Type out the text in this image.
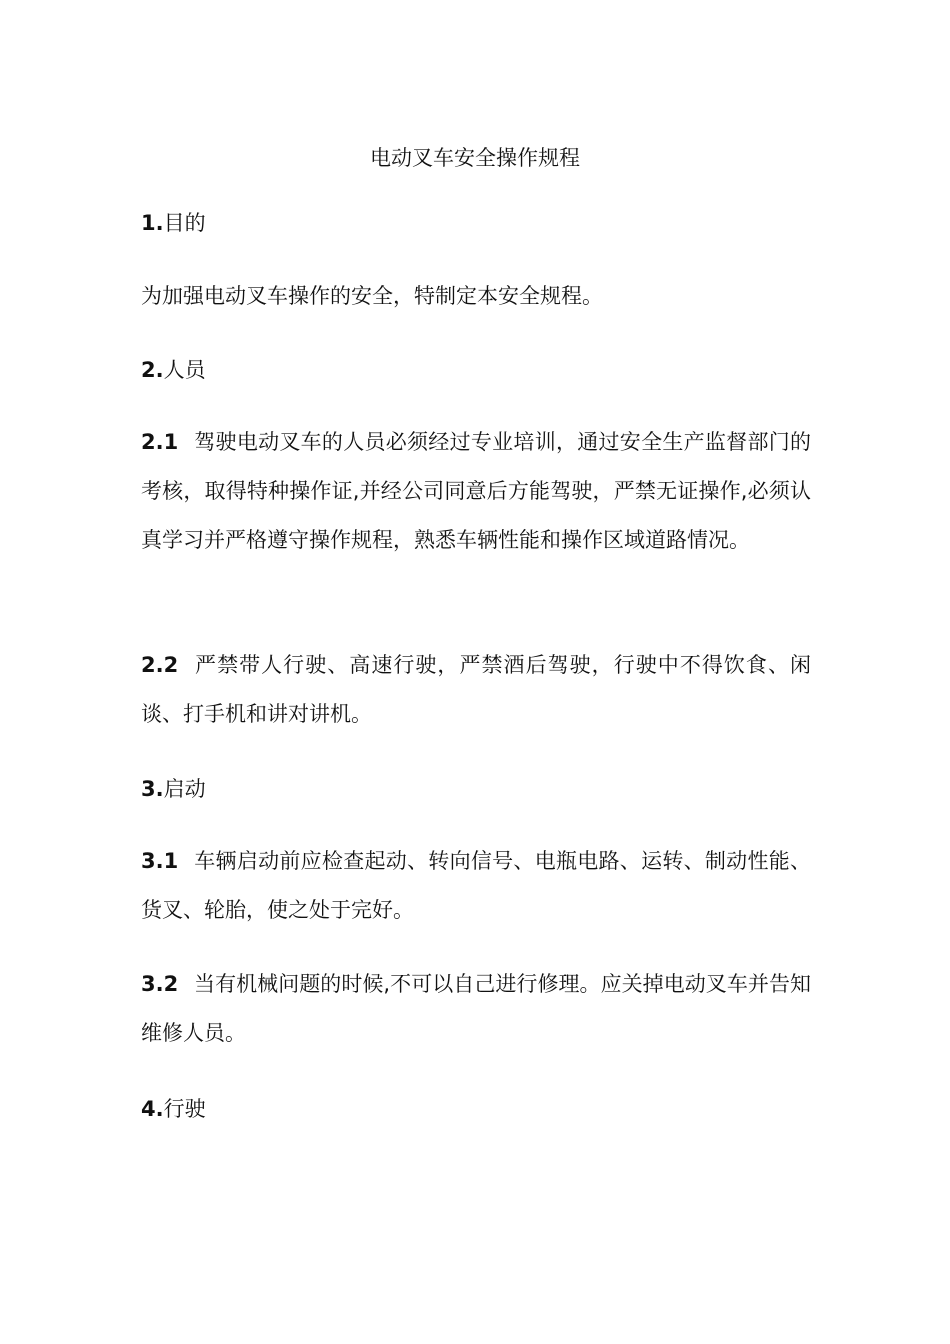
电动叉车安全操作规程
1.目的
为加强电动叉车操作的安全，特制定本安全规程。
2.人员
2.1 驾驶电动叉车的人员必须经过专业培训，通过安全生产监督部门的考核，取得特种操作证,并经公司同意后方能驾驶，严禁无证操作,必须认真学习并严格遵守操作规程，熟悉车辆性能和操作区域道路情况。
2.2 严禁带人行驶、高速行驶，严禁酒后驾驶，行驶中不得饮食、闲谈、打手机和讲对讲机。
3.启动
3.1 车辆启动前应检查起动、转向信号、电瓶电路、运转、制动性能、货叉、轮胎，使之处于完好。
3.2 当有机械问题的时候,不可以自己进行修理。应关掉电动叉车并告知维修人员。
4.行驶
